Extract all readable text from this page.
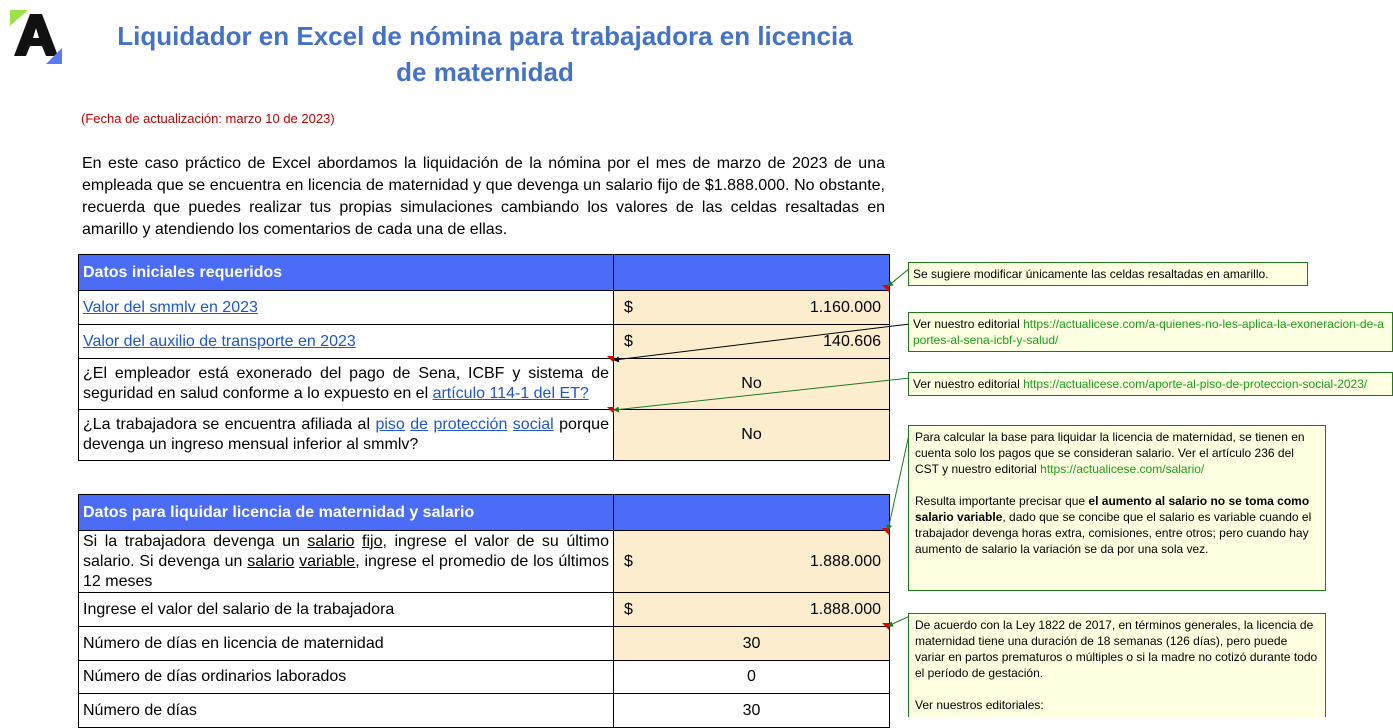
Liquidador en Excel de nómina para trabajadora en licencia
de maternidad
(Fecha de actualización: marzo 10 de 2023)
En este caso práctico de Excel abordamos la liquidación de la nómina por el mes de marzo de 2023 de una empleada que se encuentra en licencia de maternidad y que devenga un salario fijo de $1.888.000. No obstante, recuerda que puedes realizar tus propias simulaciones cambiando los valores de las celdas resaltadas en amarillo y atendiendo los comentarios de cada una de ellas.
Datos iniciales requeridos	
Valor del smmlv en 2023	$ 1.160.000

Valor del auxilio de transporte en 2023	$ 140.606

¿El empleador está exonerado del pago de Sena, ICBF y sistema de seguridad en salud conforme a lo expuesto en el artículo 114-1 del ET?	No
¿La trabajadora se encuentra afiliada al piso de protección social porque devenga un ingreso mensual inferior al smmlv?	No
Datos para liquidar licencia de maternidad y salario	
Si la trabajadora devenga un salario fijo, ingrese el valor de su último salario. Si devenga un salario variable, ingrese el promedio de los últimos 12 meses	$ 1.888.000

Ingrese el valor del salario de la trabajadora	$ 1.888.000

Número de días en licencia de maternidad	30
Número de días ordinarios laborados	0
Número de días	30
Se sugiere modificar únicamente las celdas resaltadas en amarillo.
Ver nuestro editorial https://actualicese.com/a-quienes-no-les-aplica-la-exoneracion-de-aportes-al-sena-icbf-y-salud/
Ver nuestro editorial https://actualicese.com/aporte-al-piso-de-proteccion-social-2023/
Para calcular la base para liquidar la licencia de maternidad, se tienen en cuenta solo los pagos que se consideran salario. Ver el artículo 236 del CST y nuestro editorial https://actualicese.com/salario/
Resulta importante precisar que el aumento al salario no se toma como salario variable, dado que se concibe que el salario es variable cuando el trabajador devenga horas extra, comisiones, entre otros; pero cuando hay aumento de salario la variación se da por una sola vez.
De acuerdo con la Ley 1822 de 2017, en términos generales, la licencia de maternidad tiene una duración de 18 semanas (126 días), pero puede variar en partos prematuros o múltiples o si la madre no cotizó durante todo el período de gestación.
Ver nuestros editoriales:
